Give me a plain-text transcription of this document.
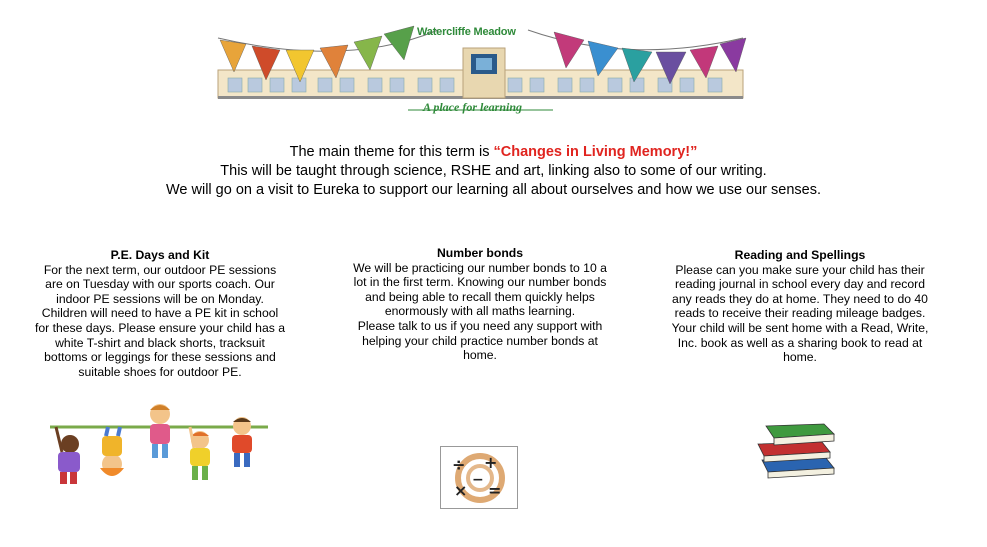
Watercliffe Meadow
A place for learning

The main theme for this term is “Changes in Living Memory!”

This will be taught through science, RSHE and art, linking also to some of our writing.

We will go on a visit to Eureka to support our learning all about ourselves and how we use our senses.

P.E. Days and Kit

For the next term, our outdoor PE sessions are on Tuesday with our sports coach. Our indoor PE sessions will be on Monday. Children will need to have a PE kit in school for these days. Please ensure your child has a white T-shirt and black shorts, tracksuit bottoms or leggings for these sessions and suitable shoes for outdoor PE.

Number bonds

We will be practicing our number bonds to 10 a lot in the first term. Knowing our number bonds and being able to recall them quickly helps enormously with all maths learning.

Please talk to us if you need any support with helping your child practice number bonds at home.

Reading and Spellings

Please can you make sure your child has their reading journal in school every day and record any reads they do at home. They need to do 40 reads to receive their reading mileage badges.

Your child will be sent home with a Read, Write, Inc. book as well as a sharing book to read at home.

÷ +
× =
−
